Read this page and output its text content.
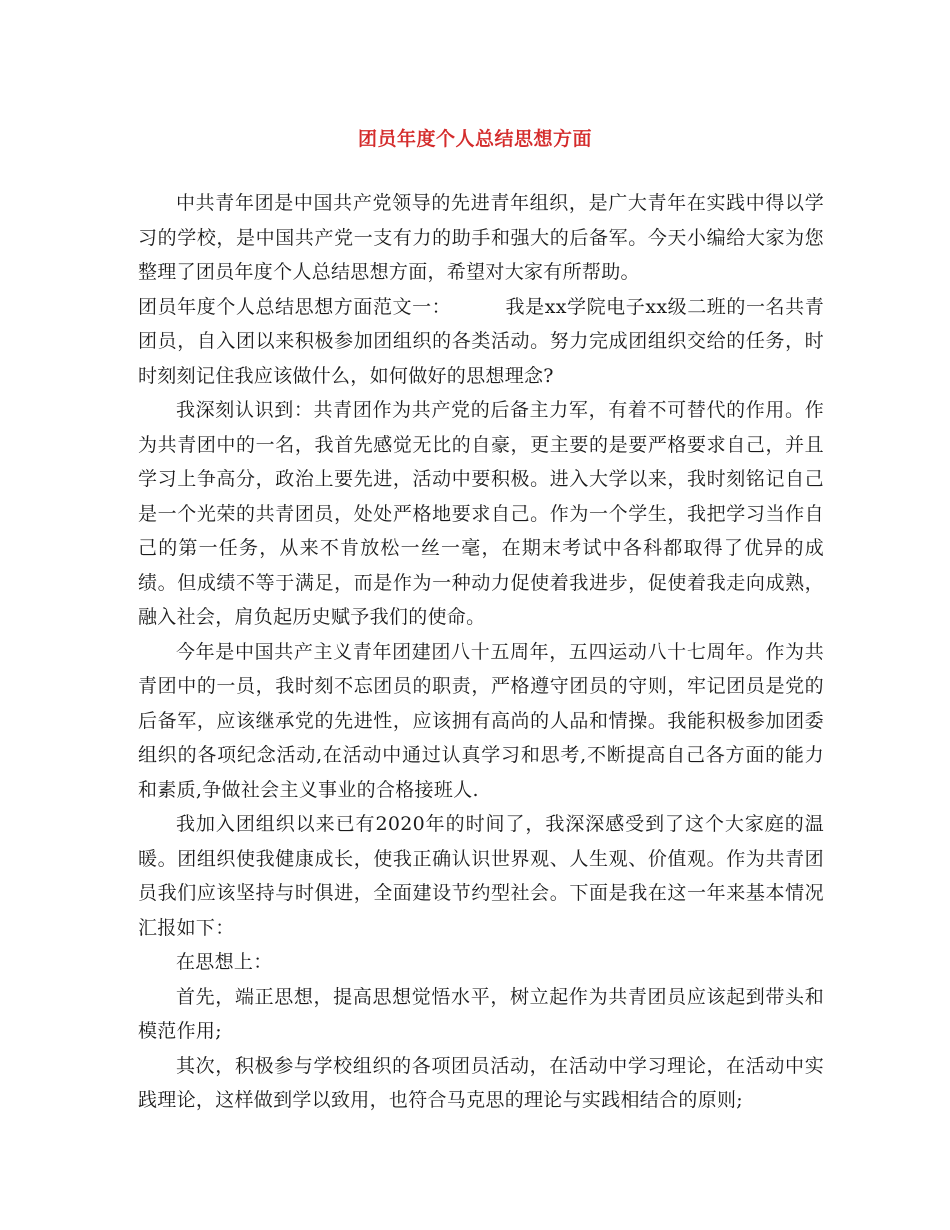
团员年度个人总结思想方面

中共青年团是中国共产党领导的先进青年组织，是广大青年在实践中得以学习的学校，是中国共产党一支有力的助手和强大的后备军。今天小编给大家为您整理了团员年度个人总结思想方面，希望对大家有所帮助。

团员年度个人总结思想方面范文一：	我是xx学院电子xx级二班的一名共青团员，自入团以来积极参加团组织的各类活动。努力完成团组织交给的任务，时时刻刻记住我应该做什么，如何做好的思想理念?

我深刻认识到：共青团作为共产党的后备主力军，有着不可替代的作用。作为共青团中的一名，我首先感觉无比的自豪，更主要的是要严格要求自己，并且学习上争高分，政治上要先进，活动中要积极。进入大学以来，我时刻铭记自己是一个光荣的共青团员，处处严格地要求自己。作为一个学生，我把学习当作自己的第一任务，从来不肯放松一丝一毫，在期末考试中各科都取得了优异的成绩。但成绩不等于满足，而是作为一种动力促使着我进步，促使着我走向成熟，融入社会，肩负起历史赋予我们的使命。

今年是中国共产主义青年团建团八十五周年，五四运动八十七周年。作为共青团中的一员，我时刻不忘团员的职责，严格遵守团员的守则，牢记团员是党的后备军，应该继承党的先进性，应该拥有高尚的人品和情操。我能积极参加团委组织的各项纪念活动,在活动中通过认真学习和思考,不断提高自己各方面的能力和素质,争做社会主义事业的合格接班人.

我加入团组织以来已有2020年的时间了，我深深感受到了这个大家庭的温暖。团组织使我健康成长，使我正确认识世界观、人生观、价值观。作为共青团员我们应该坚持与时俱进，全面建设节约型社会。下面是我在这一年来基本情况汇报如下：

在思想上：

首先，端正思想，提高思想觉悟水平，树立起作为共青团员应该起到带头和模范作用;

其次，积极参与学校组织的各项团员活动，在活动中学习理论，在活动中实践理论，这样做到学以致用，也符合马克思的理论与实践相结合的原则;
